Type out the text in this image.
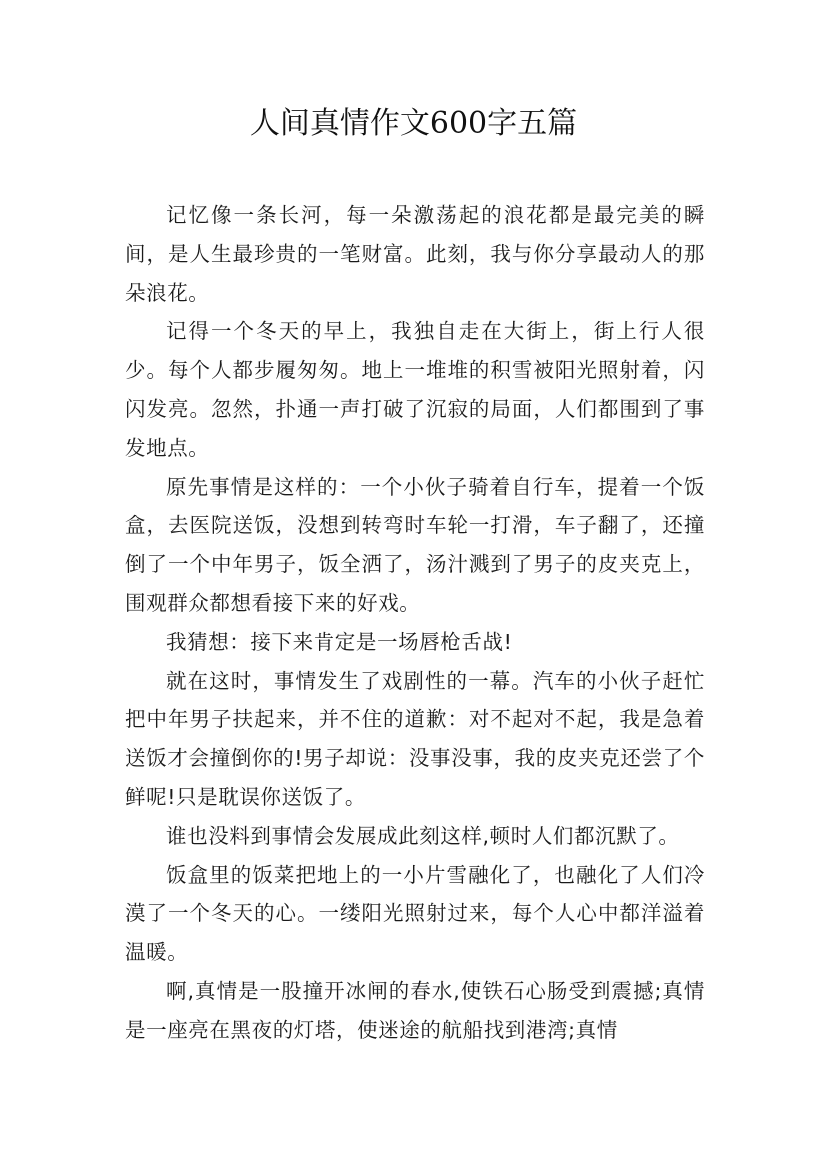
人间真情作文600字五篇

记忆像一条长河，每一朵激荡起的浪花都是最完美的瞬间，是人生最珍贵的一笔财富。此刻，我与你分享最动人的那朵浪花。

记得一个冬天的早上，我独自走在大街上，街上行人很少。每个人都步履匆匆。地上一堆堆的积雪被阳光照射着，闪闪发亮。忽然，扑通一声打破了沉寂的局面，人们都围到了事发地点。

原先事情是这样的：一个小伙子骑着自行车，提着一个饭盒，去医院送饭，没想到转弯时车轮一打滑，车子翻了，还撞倒了一个中年男子，饭全洒了，汤汁溅到了男子的皮夹克上，围观群众都想看接下来的好戏。

我猜想：接下来肯定是一场唇枪舌战!

就在这时，事情发生了戏剧性的一幕。汽车的小伙子赶忙把中年男子扶起来，并不住的道歉：对不起对不起，我是急着送饭才会撞倒你的!男子却说：没事没事，我的皮夹克还尝了个鲜呢!只是耽误你送饭了。

谁也没料到事情会发展成此刻这样,顿时人们都沉默了。

饭盒里的饭菜把地上的一小片雪融化了，也融化了人们冷漠了一个冬天的心。一缕阳光照射过来，每个人心中都洋溢着温暖。

啊,真情是一股撞开冰闸的春水,使铁石心肠受到震撼;真情是一座亮在黑夜的灯塔，使迷途的航船找到港湾;真情
